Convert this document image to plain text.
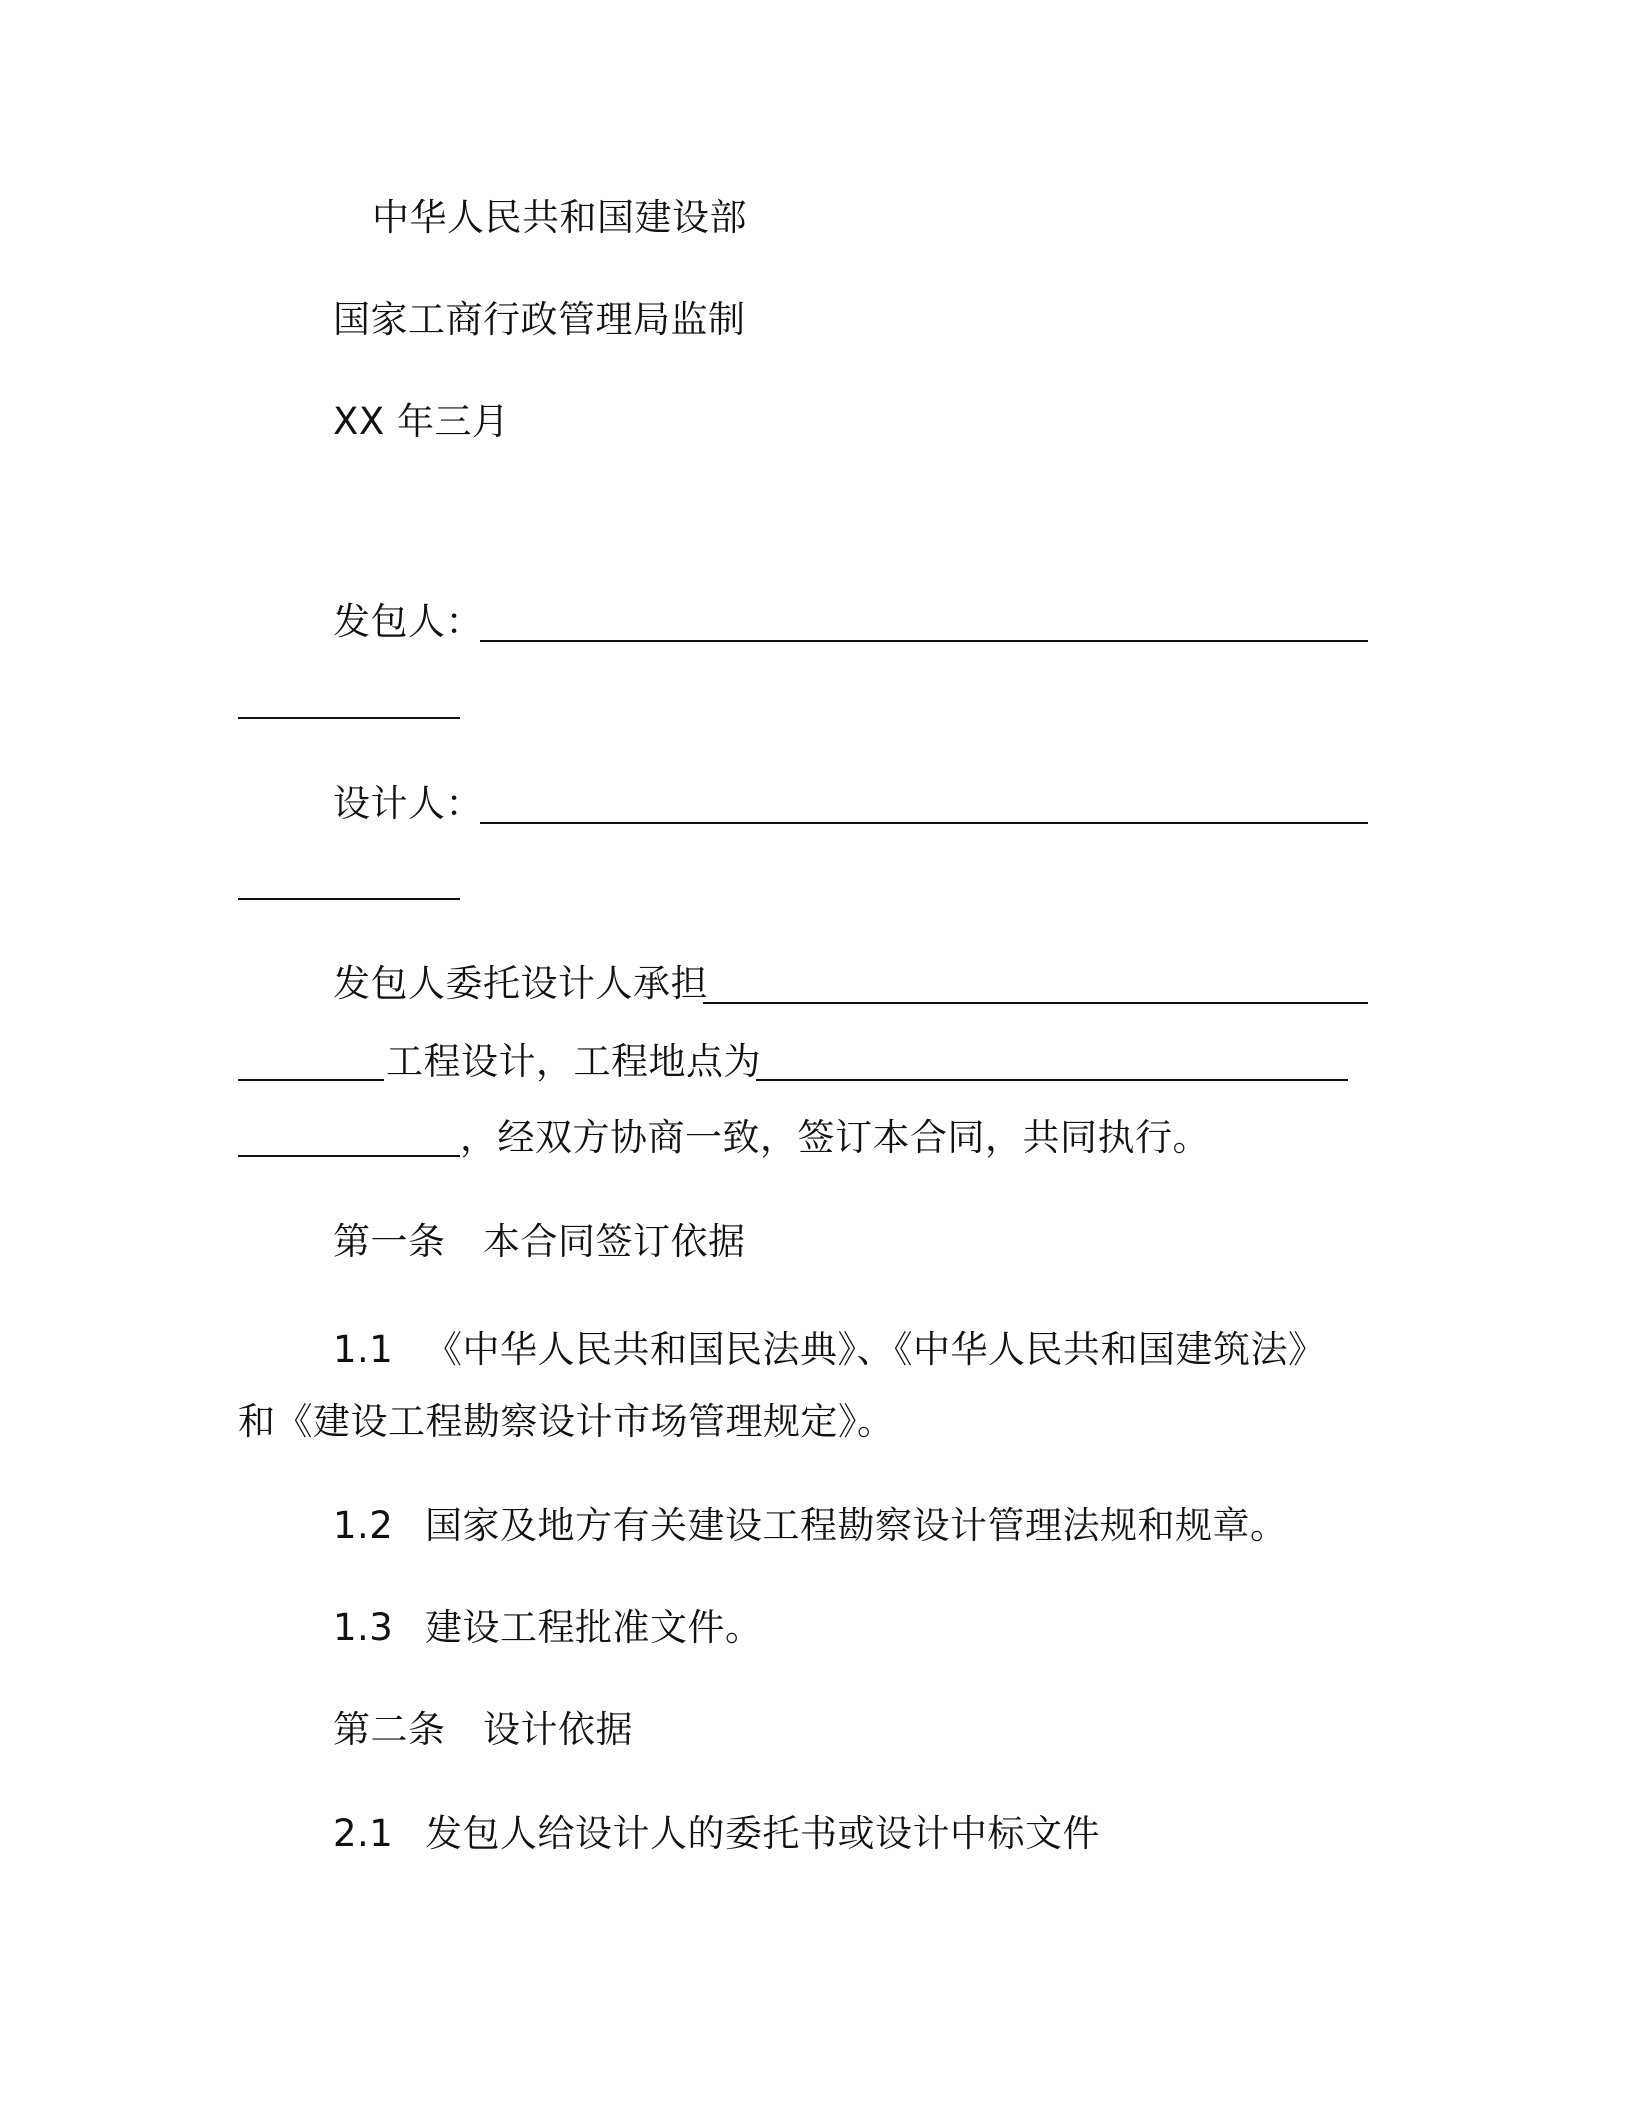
中华人民共和国建设部
国家工商行政管理局监制
XX 年三月
发包人：
设计人：
发包人委托设计人承担
工程设计，工程地点为
，经双方协商一致，签订本合同，共同执行。
第一条 本合同签订依据
1.1 《中华人民共和国民法典》、《中华人民共和国建筑法》
和《建设工程勘察设计市场管理规定》。
1.2 国家及地方有关建设工程勘察设计管理法规和规章。
1.3 建设工程批准文件。
第二条 设计依据
2.1 发包人给设计人的委托书或设计中标文件
